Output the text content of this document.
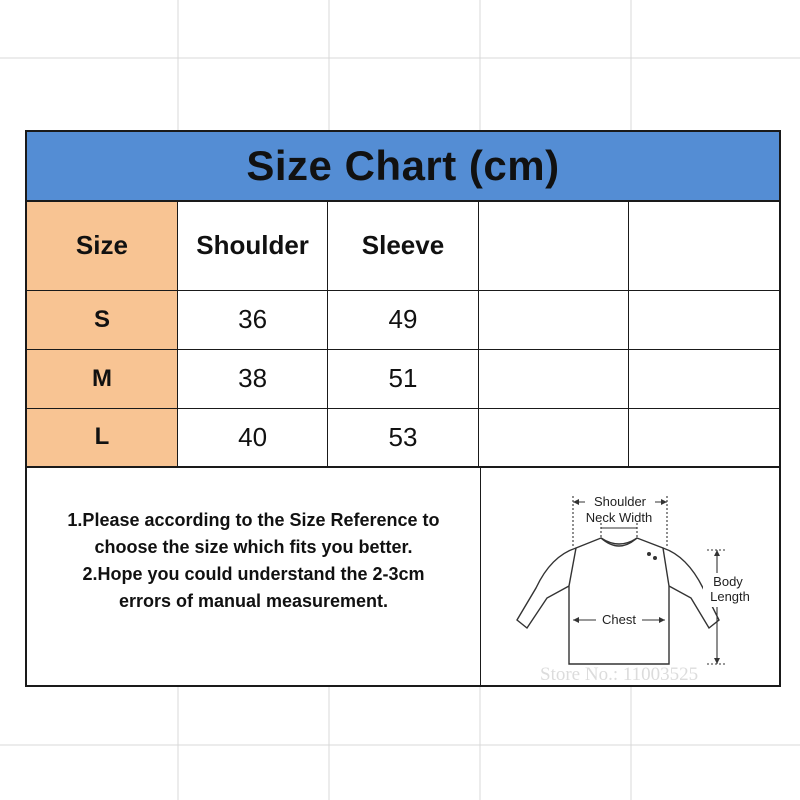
Size Chart (cm)
Size	Shoulder	Sleeve		
S	36	49		
M	38	51		
L	40	53		
1.Please according to the Size Reference to
choose the size which fits you better.
2.Hope you could understand the 2-3cm
errors of manual measurement.
Shoulder
Neck Width
Chest
Body
Length
Store No.: 11003525
